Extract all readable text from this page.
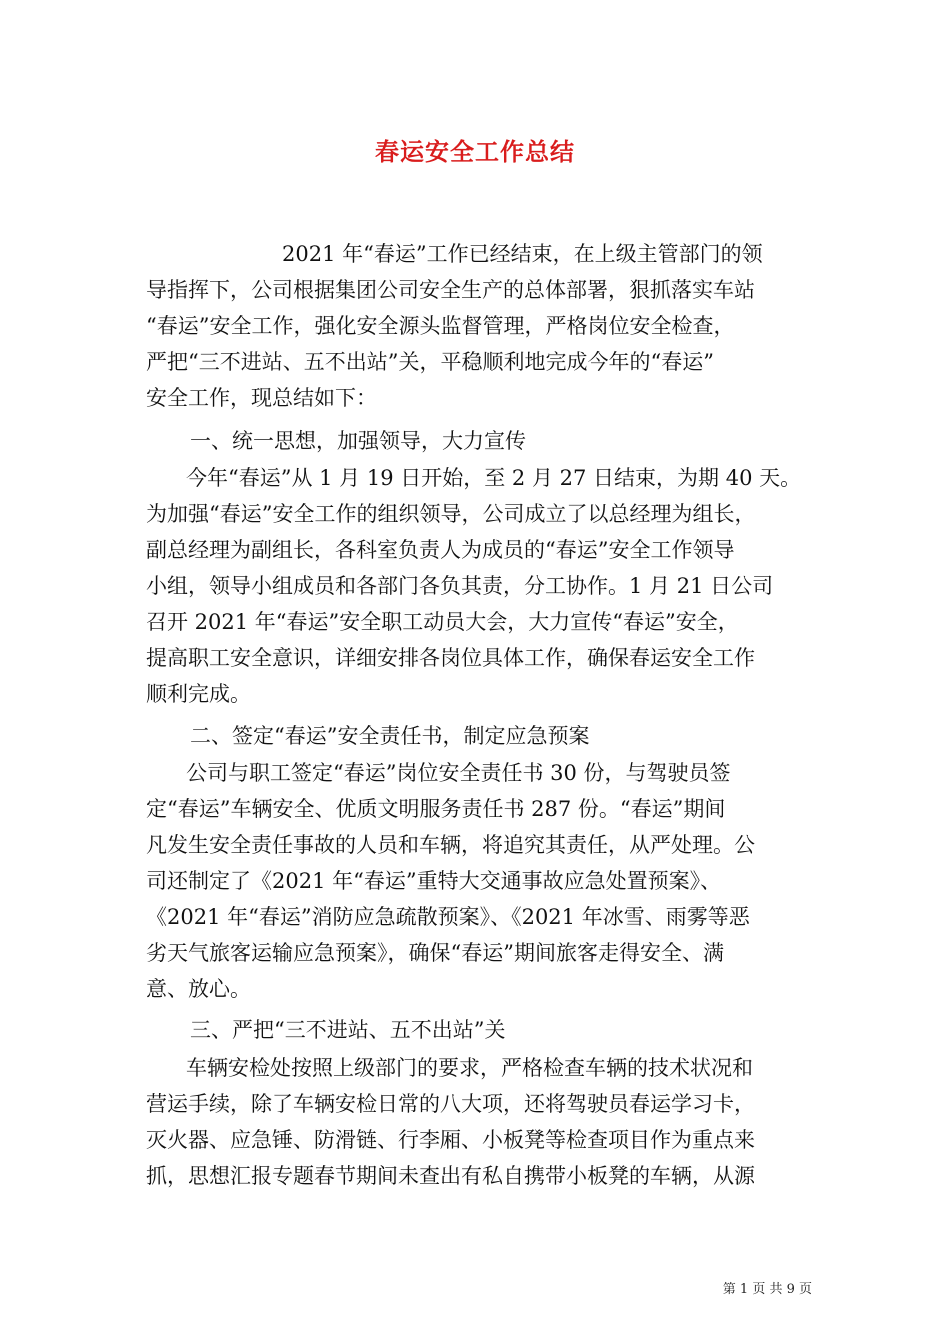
春运安全工作总结
2021 年“春运”工作已经结束，在上级主管部门的领
导指挥下，公司根据集团公司安全生产的总体部署，狠抓落实车站
“春运”安全工作，强化安全源头监督管理，严格岗位安全检查，
严把“三不进站、五不出站”关，平稳顺利地完成今年的“春运”
安全工作，现总结如下：
一、统一思想，加强领导，大力宣传
今年“春运”从 1 月 19 日开始，至 2 月 27 日结束，为期 40 天。
为加强“春运”安全工作的组织领导，公司成立了以总经理为组长，
副总经理为副组长，各科室负责人为成员的“春运”安全工作领导
小组，领导小组成员和各部门各负其责，分工协作。1 月 21 日公司
召开 2021 年“春运”安全职工动员大会，大力宣传“春运”安全，
提高职工安全意识，详细安排各岗位具体工作，确保春运安全工作
顺利完成。
二、签定“春运”安全责任书，制定应急预案
公司与职工签定“春运”岗位安全责任书 30 份，与驾驶员签
定“春运”车辆安全、优质文明服务责任书 287 份。“春运”期间
凡发生安全责任事故的人员和车辆，将追究其责任，从严处理。公
司还制定了《2021 年“春运”重特大交通事故应急处置预案》、
《2021 年“春运”消防应急疏散预案》、《2021 年冰雪、雨雾等恶
劣天气旅客运输应急预案》，确保“春运”期间旅客走得安全、满
意、放心。
三、严把“三不进站、五不出站”关
车辆安检处按照上级部门的要求，严格检查车辆的技术状况和
营运手续，除了车辆安检日常的八大项，还将驾驶员春运学习卡，
灭火器、应急锤、防滑链、行李厢、小板凳等检查项目作为重点来
抓，思想汇报专题春节期间未查出有私自携带小板凳的车辆，从源
第 1 页 共 9 页
